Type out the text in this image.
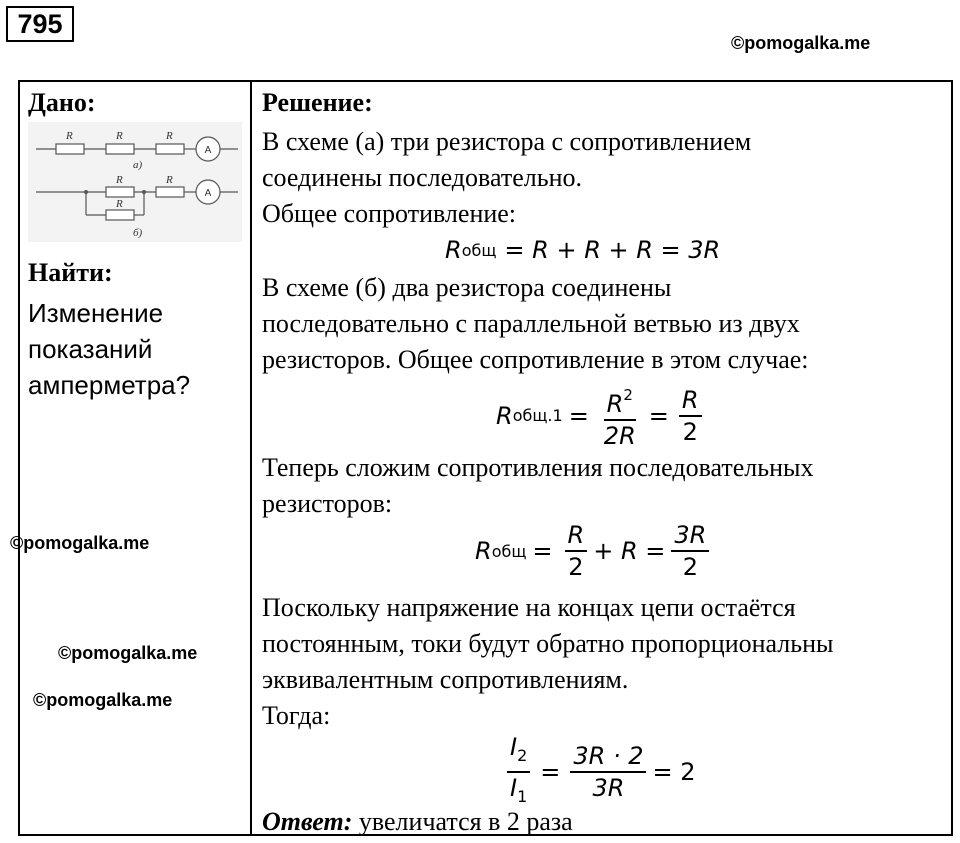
795
©pomogalka.me
Дано:
R	R	R
а)
R	R
R
б)
A
A
Найти:
Изменение
показаний
амперметра?
Решение:
В схеме (а) три резистора с сопротивлением
соединены последовательно.
Общее сопротивление:
R общ = R + R + R = 3R
В схеме (б) два резистора соединены
последовательно с параллельной ветвью из двух
резисторов. Общее сопротивление в этом случае:
R $общ.1 = \frac{R^2}{2R} = \frac{R}{2}$
Теперь сложим сопротивления последовательных
резисторов:
R общ = $\frac{R}{2} + R = \frac{3R}{2}$
Поскольку напряжение на концах цепи остаётся
постоянным, токи будут обратно пропорциональны
эквивалентным сопротивлениям.
Тогда:
$\frac{I_2}{I_1} = \frac{3R \cdot 2}{3R} = 2$
Ответ: увеличатся в 2 раза
©pomogalka.me
©pomogalka.me
©pomogalka.me
